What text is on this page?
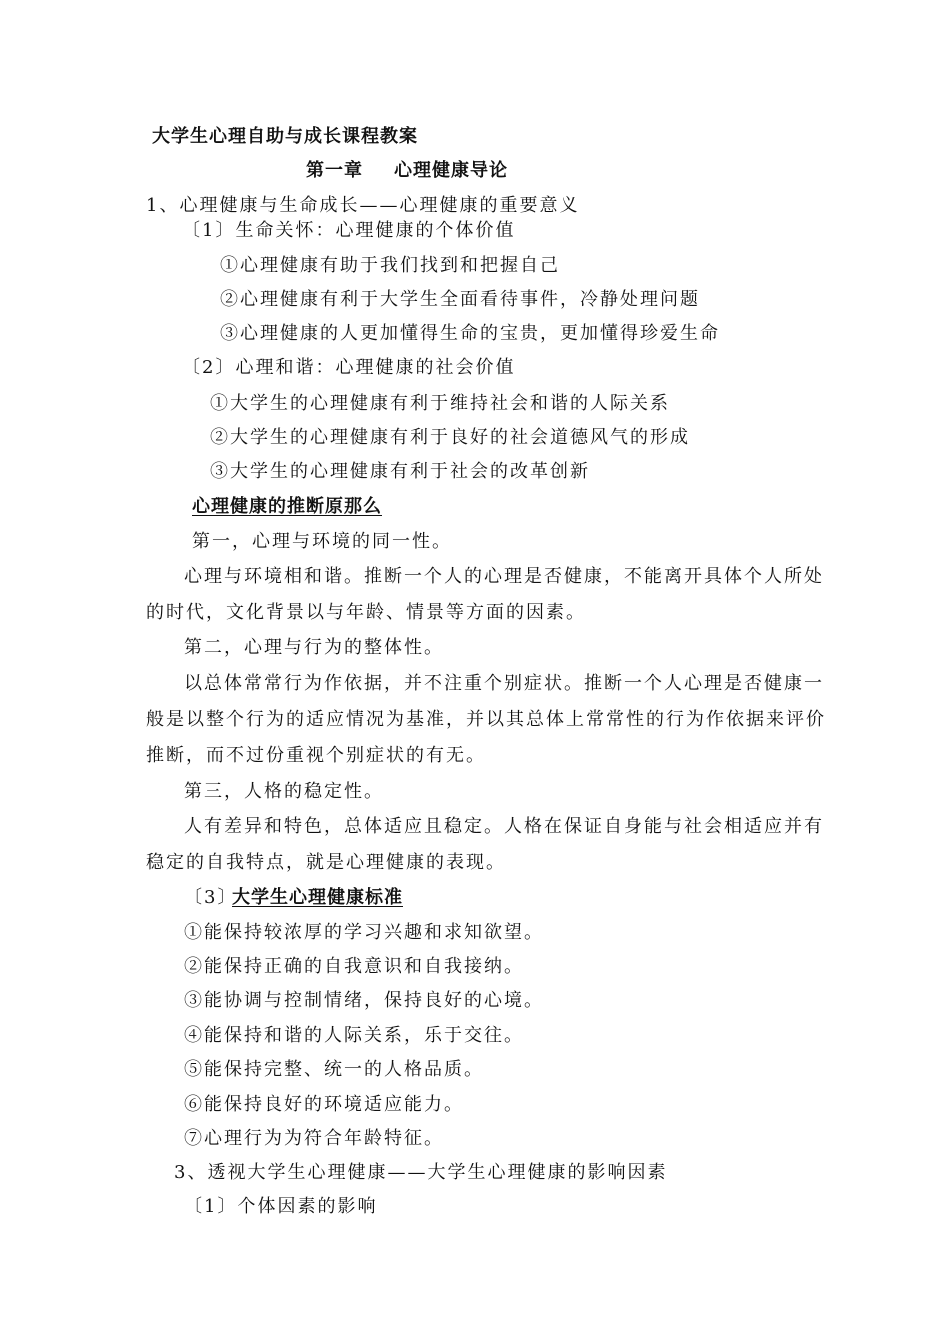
大学生心理自助与成长课程教案
第一章 心理健康导论
1、心理健康与生命成长——心理健康的重要意义
〔1〕生命关怀：心理健康的个体价值
①心理健康有助于我们找到和把握自己
②心理健康有利于大学生全面看待事件，冷静处理问题
③心理健康的人更加懂得生命的宝贵，更加懂得珍爱生命
〔2〕心理和谐：心理健康的社会价值
①大学生的心理健康有利于维持社会和谐的人际关系
②大学生的心理健康有利于良好的社会道德风气的形成
③大学生的心理健康有利于社会的改革创新
心理健康的推断原那么
第一，心理与环境的同一性。
心理与环境相和谐。推断一个人的心理是否健康，不能离开具体个人所处
的时代，文化背景以与年龄、情景等方面的因素。
第二，心理与行为的整体性。
以总体常常行为作依据，并不注重个别症状。推断一个人心理是否健康一
般是以整个行为的适应情况为基准，并以其总体上常常性的行为作依据来评价
推断，而不过份重视个别症状的有无。
第三，人格的稳定性。
人有差异和特色，总体适应且稳定。人格在保证自身能与社会相适应并有
稳定的自我特点，就是心理健康的表现。
〔3〕
大学生心理健康标准
①能保持较浓厚的学习兴趣和求知欲望。
②能保持正确的自我意识和自我接纳。
③能协调与控制情绪，保持良好的心境。
④能保持和谐的人际关系，乐于交往。
⑤能保持完整、统一的人格品质。
⑥能保持良好的环境适应能力。
⑦心理行为为符合年龄特征。
3、透视大学生心理健康——大学生心理健康的影响因素
〔1〕个体因素的影响
